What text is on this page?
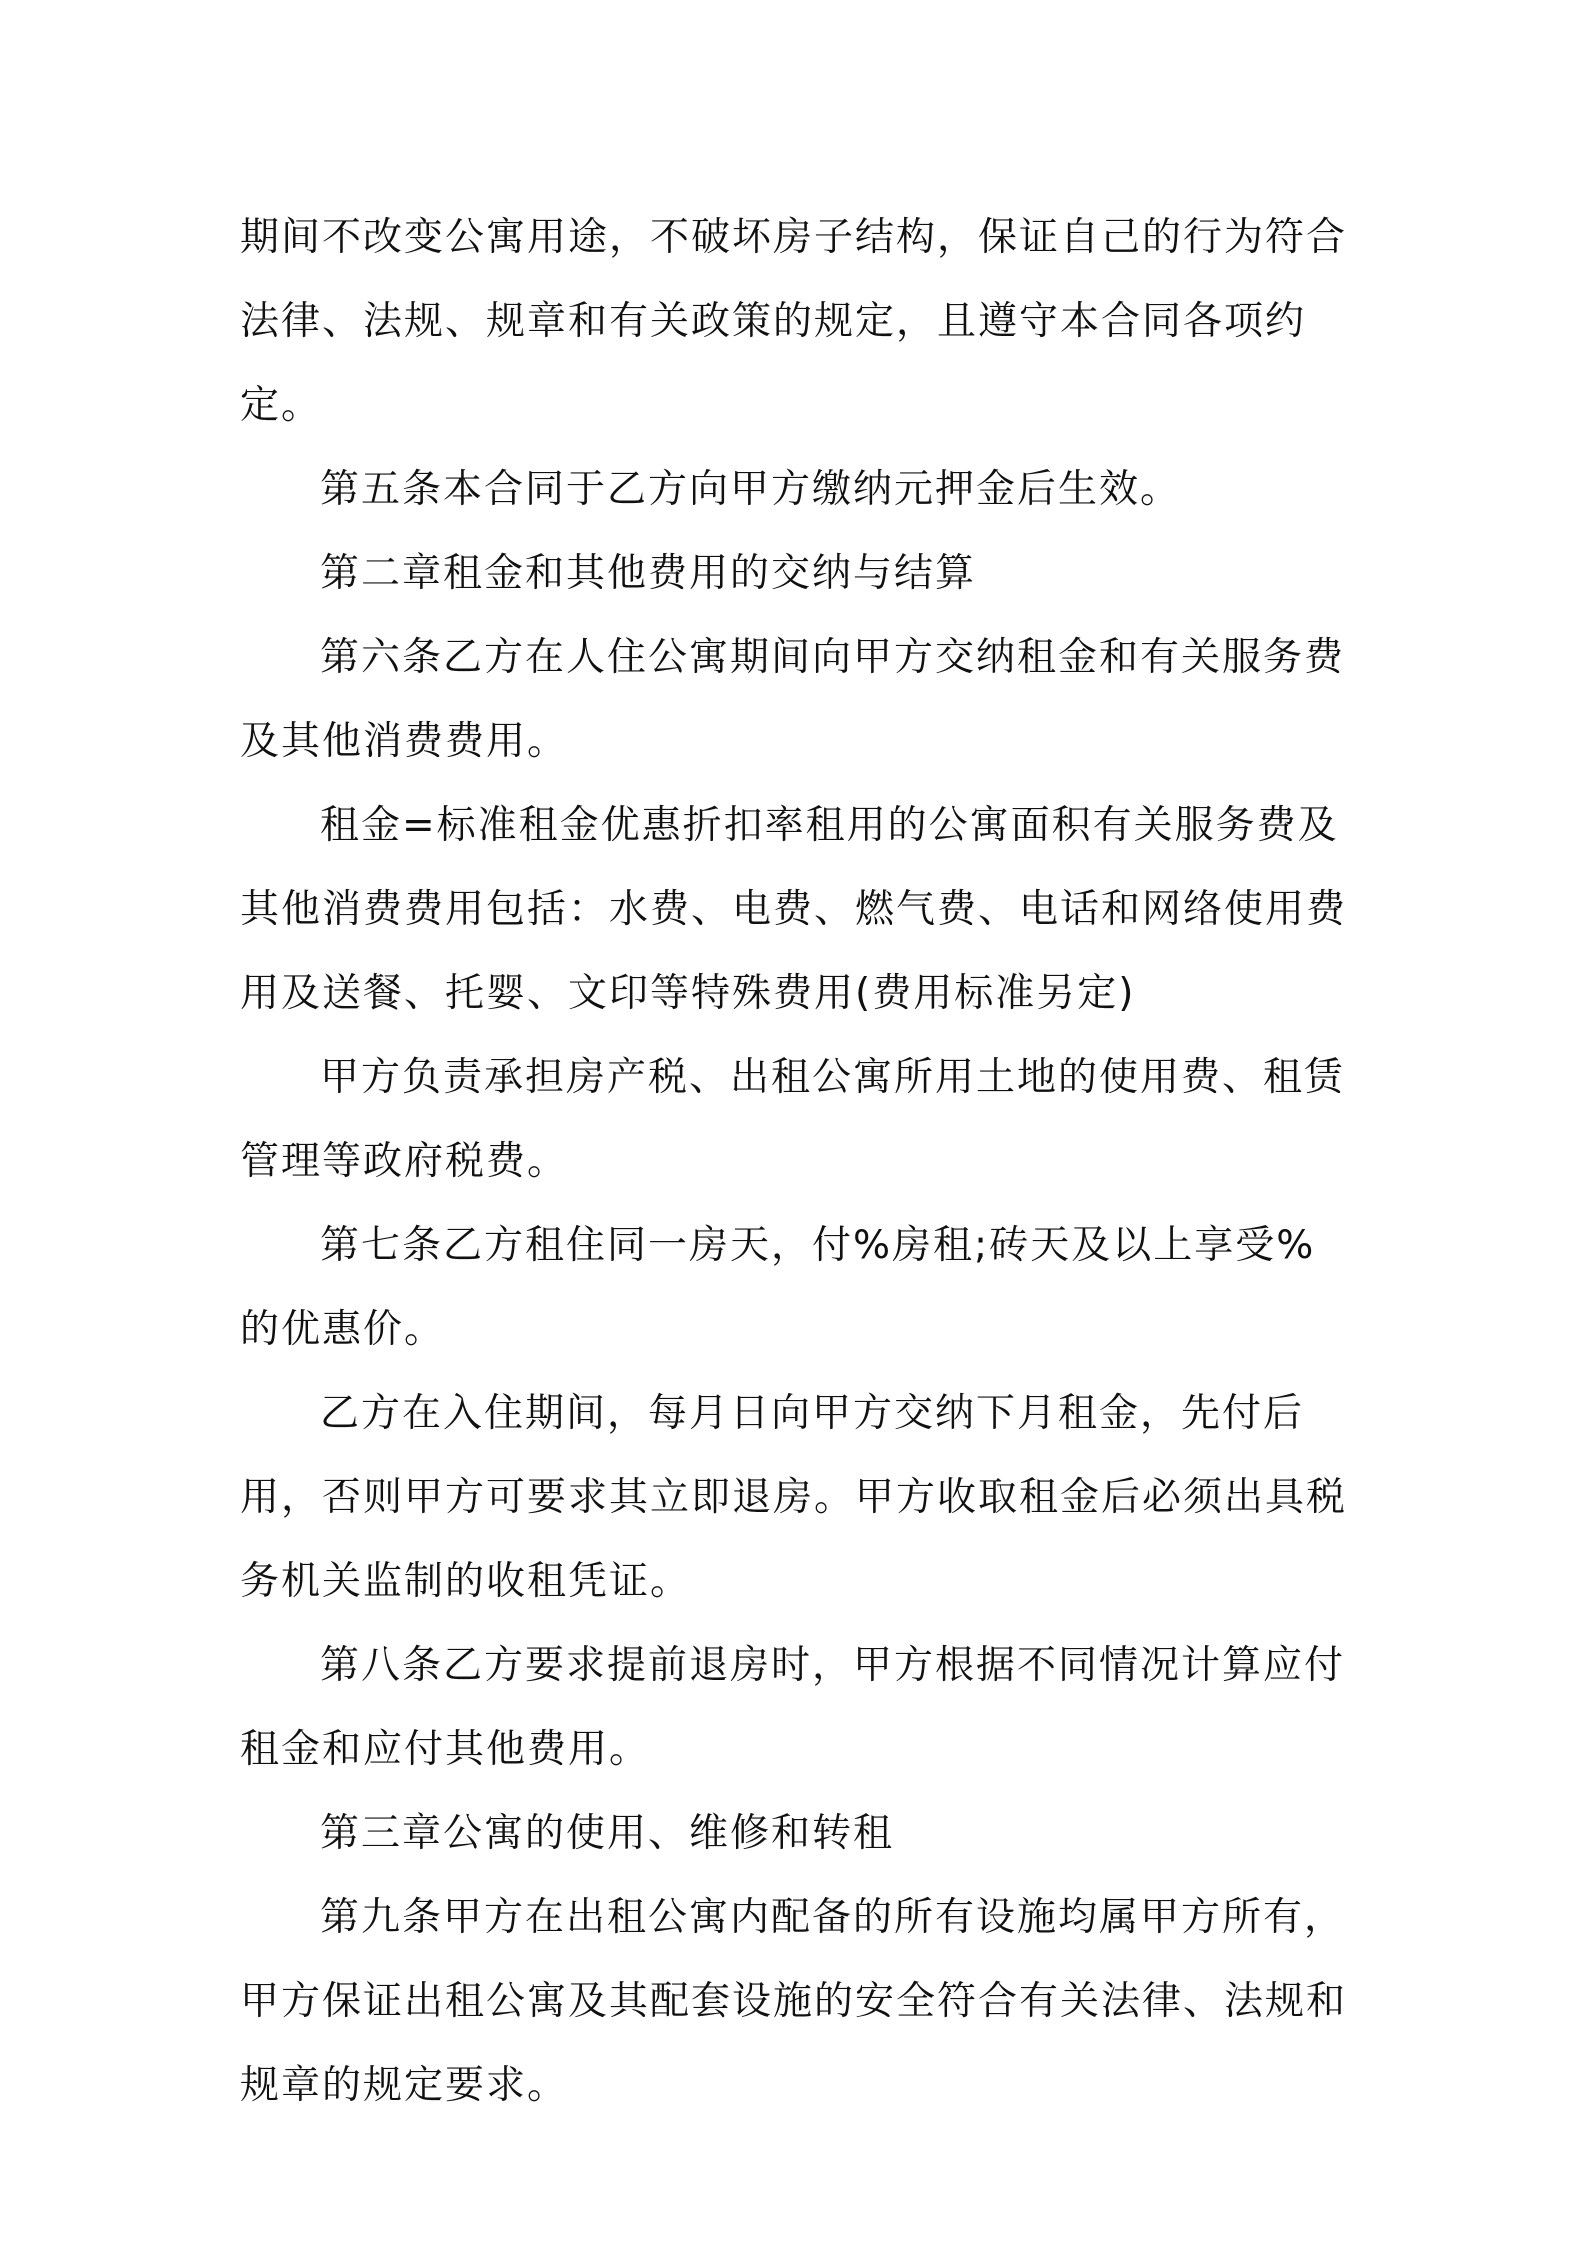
期间不改变公寓用途，不破坏房子结构，保证自己的行为符合法律、法规、规章和有关政策的规定，且遵守本合同各项约定。

第五条本合同于乙方向甲方缴纳元押金后生效。

第二章租金和其他费用的交纳与结算

第六条乙方在人住公寓期间向甲方交纳租金和有关服务费及其他消费费用。

租金=标准租金优惠折扣率租用的公寓面积有关服务费及其他消费费用包括：水费、电费、燃气费、电话和网络使用费用及送餐、托婴、文印等特殊费用(费用标准另定)

甲方负责承担房产税、出租公寓所用土地的使用费、租赁管理等政府税费。

第七条乙方租住同一房天，付%房租;砖天及以上享受%的优惠价。

乙方在入住期间，每月日向甲方交纳下月租金，先付后用，否则甲方可要求其立即退房。甲方收取租金后必须出具税务机关监制的收租凭证。

第八条乙方要求提前退房时，甲方根据不同情况计算应付租金和应付其他费用。

第三章公寓的使用、维修和转租

第九条甲方在出租公寓内配备的所有设施均属甲方所有，甲方保证出租公寓及其配套设施的安全符合有关法律、法规和规章的规定要求。
